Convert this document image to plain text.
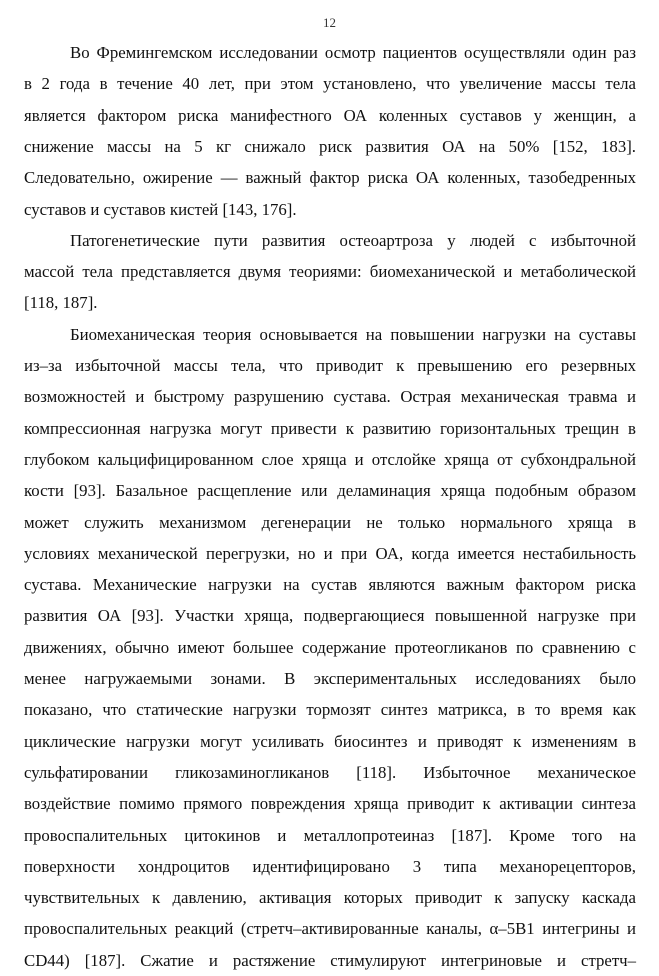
12
Во Фремингемском исследовании осмотр пациентов осуществляли один раз
в 2 года в течение 40 лет, при этом установлено, что увеличение массы тела
является фактором риска манифестного ОА коленных суставов у женщин, а
снижение массы на 5 кг снижало риск развития ОА на 50% [152, 183].
Следовательно, ожирение — важный фактор риска ОА коленных, тазобедренных
суставов и суставов кистей [143, 176].
Патогенетические пути развития остеоартроза у людей с избыточной
массой тела представляется двумя теориями: биомеханической и метаболической
[118, 187].
Биомеханическая теория основывается на повышении нагрузки на суставы
из–за избыточной массы тела, что приводит к превышению его резервных
возможностей и быстрому разрушению сустава. Острая механическая травма и
компрессионная нагрузка могут привести к развитию горизонтальных трещин в
глубоком кальцифицированном слое хряща и отслойке хряща от субхондральной
кости [93]. Базальное расщепление или деламинация хряща подобным образом
может служить механизмом дегенерации не только нормального хряща в
условиях механической перегрузки, но и при ОА, когда имеется нестабильность
сустава. Механические нагрузки на сустав являются важным фактором риска
развития ОА [93]. Участки хряща, подвергающиеся повышенной нагрузке при
движениях, обычно имеют большее содержание протеогликанов по сравнению с
менее нагружаемыми зонами. В экспериментальных исследованиях было
показано, что статические нагрузки тормозят синтез матрикса, в то время как
циклические нагрузки могут усиливать биосинтез и приводят к изменениям в
сульфатировании гликозаминогликанов [118]. Избыточное механическое
воздействие помимо прямого повреждения хряща приводит к активации синтеза
провоспалительных цитокинов и металлопротеиназ [187]. Кроме того на
поверхности хондроцитов идентифицировано 3 типа механорецепторов,
чувствительных к давлению, активация которых приводит к запуску каскада
провоспалительных реакций (стретч–активированные каналы, α–5В1 интегрины и
CD44) [187]. Сжатие и растяжение стимулируют интегриновые и стретч–
